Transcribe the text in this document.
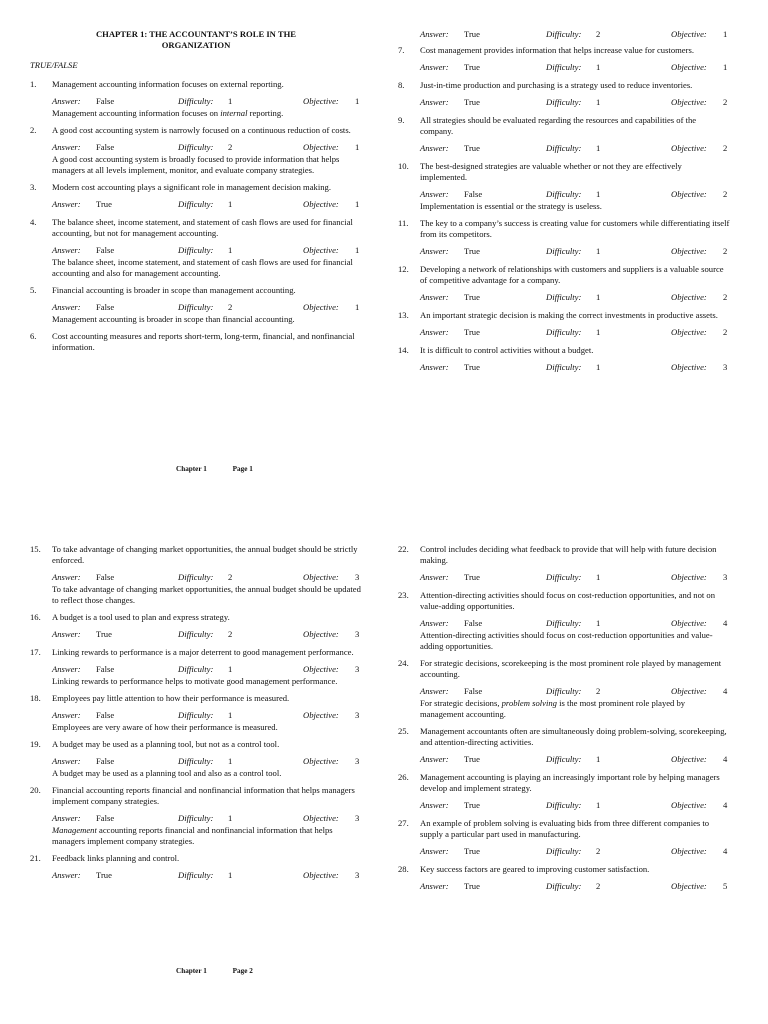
CHAPTER 1: THE ACCOUNTANT’S ROLE IN THE
ORGANIZATION
TRUE/FALSE
1. Management accounting information focuses on external reporting.
Answer: False	Difficulty: 1	Objective: 1
Management accounting information focuses on internal reporting.
2. A good cost accounting system is narrowly focused on a continuous reduction of costs.
Answer: False	Difficulty: 2	Objective: 1
A good cost accounting system is broadly focused to provide information that helps managers at all levels implement, monitor, and evaluate company strategies.
3. Modern cost accounting plays a significant role in management decision making.
Answer: True	Difficulty: 1	Objective: 1
4. The balance sheet, income statement, and statement of cash flows are used for financial accounting, but not for management accounting.
Answer: False	Difficulty: 1	Objective: 1
The balance sheet, income statement, and statement of cash flows are used for financial accounting and also for management accounting.
5. Financial accounting is broader in scope than management accounting.
Answer: False	Difficulty: 2	Objective: 1
Management accounting is broader in scope than financial accounting.
6. Cost accounting measures and reports short-term, long-term, financial, and nonfinancial information.
Answer: True	Difficulty: 2	Objective: 1
7. Cost management provides information that helps increase value for customers.
Answer: True	Difficulty: 1	Objective: 1
8. Just-in-time production and purchasing is a strategy used to reduce inventories.
Answer: True	Difficulty: 1	Objective: 2
9. All strategies should be evaluated regarding the resources and capabilities of the company.
Answer: True	Difficulty: 1	Objective: 2
10. The best-designed strategies are valuable whether or not they are effectively implemented.
Answer: False	Difficulty: 1	Objective: 2
Implementation is essential or the strategy is useless.
11. The key to a company’s success is creating value for customers while differentiating itself from its competitors.
Answer: True	Difficulty: 1	Objective: 2
12. Developing a network of relationships with customers and suppliers is a valuable source of competitive advantage for a company.
Answer: True	Difficulty: 1	Objective: 2
13. An important strategic decision is making the correct investments in productive assets.
Answer: True	Difficulty: 1	Objective: 2
14. It is difficult to control activities without a budget.
Answer: True	Difficulty: 1	Objective: 3
Chapter 1	Page 1
15. To take advantage of changing market opportunities, the annual budget should be strictly enforced.
Answer: False	Difficulty: 2	Objective: 3
To take advantage of changing market opportunities, the annual budget should be updated to reflect those changes.
16. A budget is a tool used to plan and express strategy.
Answer: True	Difficulty: 2	Objective: 3
17. Linking rewards to performance is a major deterrent to good management performance.
Answer: False	Difficulty: 1	Objective: 3
Linking rewards to performance helps to motivate good management performance.
18. Employees pay little attention to how their performance is measured.
Answer: False	Difficulty: 1	Objective: 3
Employees are very aware of how their performance is measured.
19. A budget may be used as a planning tool, but not as a control tool.
Answer: False	Difficulty: 1	Objective: 3
A budget may be used as a planning tool and also as a control tool.
20. Financial accounting reports financial and nonfinancial information that helps managers implement company strategies.
Answer: False	Difficulty: 1	Objective: 3
Management accounting reports financial and nonfinancial information that helps managers implement company strategies.
21. Feedback links planning and control.
Answer: True	Difficulty: 1	Objective: 3
22. Control includes deciding what feedback to provide that will help with future decision making.
Answer: True	Difficulty: 1	Objective: 3
23. Attention-directing activities should focus on cost-reduction opportunities, and not on value-adding opportunities.
Answer: False	Difficulty: 1	Objective: 4
Attention-directing activities should focus on cost-reduction opportunities and value-adding opportunities.
24. For strategic decisions, scorekeeping is the most prominent role played by management accounting.
Answer: False	Difficulty: 2	Objective: 4
For strategic decisions, problem solving is the most prominent role played by management accounting.
25. Management accountants often are simultaneously doing problem-solving, scorekeeping, and attention-directing activities.
Answer: True	Difficulty: 1	Objective: 4
26. Management accounting is playing an increasingly important role by helping managers develop and implement strategy.
Answer: True	Difficulty: 1	Objective: 4
27. An example of problem solving is evaluating bids from three different companies to supply a particular part used in manufacturing.
Answer: True	Difficulty: 2	Objective: 4
28. Key success factors are geared to improving customer satisfaction.
Answer: True	Difficulty: 2	Objective: 5
Chapter 1	Page 2
